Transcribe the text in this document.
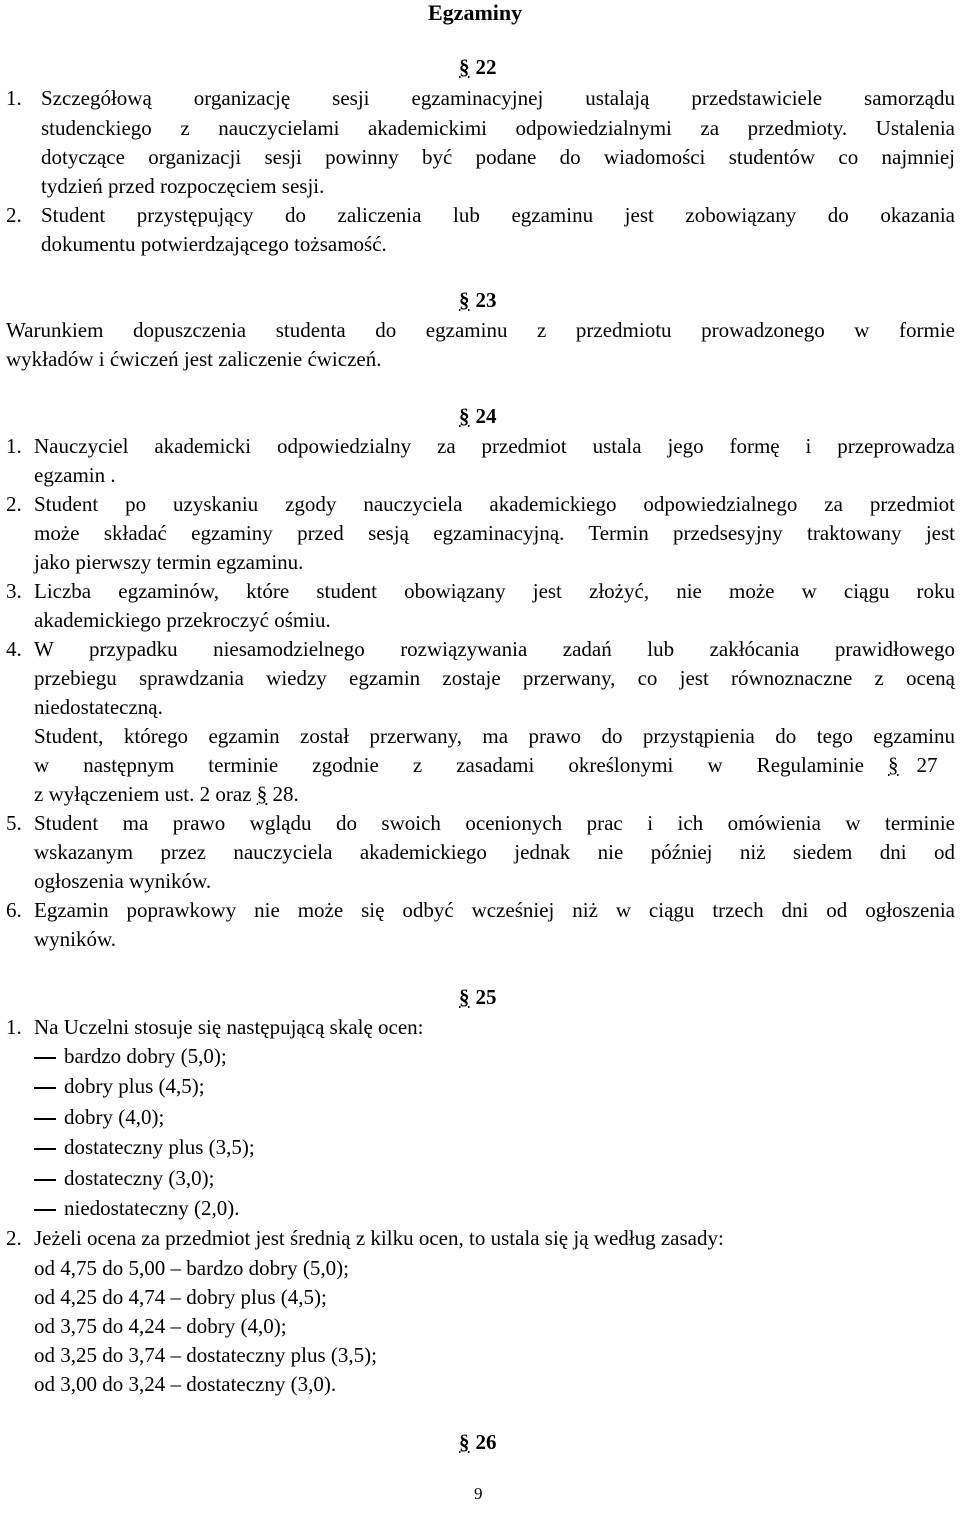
Egzaminy
§ 22
1. Szczegółową organizację sesji egzaminacyjnej ustalają przedstawiciele samorządu
studenckiego z nauczycielami akademickimi odpowiedzialnymi za przedmioty. Ustalenia
dotyczące organizacji sesji powinny być podane do wiadomości studentów co najmniej
tydzień przed rozpoczęciem sesji.
2. Student przystępujący do zaliczenia lub egzaminu jest zobowiązany do okazania
dokumentu potwierdzającego tożsamość.
§ 23
Warunkiem dopuszczenia studenta do egzaminu z przedmiotu prowadzonego w formie
wykładów i ćwiczeń jest zaliczenie ćwiczeń.
§ 24
1. Nauczyciel akademicki odpowiedzialny za przedmiot ustala jego formę i przeprowadza
egzamin .
2. Student po uzyskaniu zgody nauczyciela akademickiego odpowiedzialnego za przedmiot
może składać egzaminy przed sesją egzaminacyjną. Termin przedsesyjny traktowany jest
jako pierwszy termin egzaminu.
3. Liczba egzaminów, które student obowiązany jest złożyć, nie może w ciągu roku
akademickiego przekroczyć ośmiu.
4. W przypadku niesamodzielnego rozwiązywania zadań lub zakłócania prawidłowego
przebiegu sprawdzania wiedzy egzamin zostaje przerwany, co jest równoznaczne z oceną
niedostateczną.
Student, którego egzamin został przerwany, ma prawo do przystąpienia do tego egzaminu
w następnym terminie zgodnie z zasadami określonymi w Regulaminie § 27
z wyłączeniem ust. 2 oraz § 28.
5. Student ma prawo wglądu do swoich ocenionych prac i ich omówienia w terminie
wskazanym przez nauczyciela akademickiego jednak nie później niż siedem dni od
ogłoszenia wyników.
6. Egzamin poprawkowy nie może się odbyć wcześniej niż w ciągu trzech dni od ogłoszenia
wyników.
§ 25
1. Na Uczelni stosuje się następującą skalę ocen:
bardzo dobry (5,0);
dobry plus (4,5);
dobry (4,0);
dostateczny plus (3,5);
dostateczny (3,0);
niedostateczny (2,0).
2. Jeżeli ocena za przedmiot jest średnią z kilku ocen, to ustala się ją według zasady:
od 4,75 do 5,00 – bardzo dobry (5,0);
od 4,25 do 4,74 – dobry plus (4,5);
od 3,75 do 4,24 – dobry (4,0);
od 3,25 do 3,74 – dostateczny plus (3,5);
od 3,00 do 3,24 – dostateczny (3,0).
§ 26
9
